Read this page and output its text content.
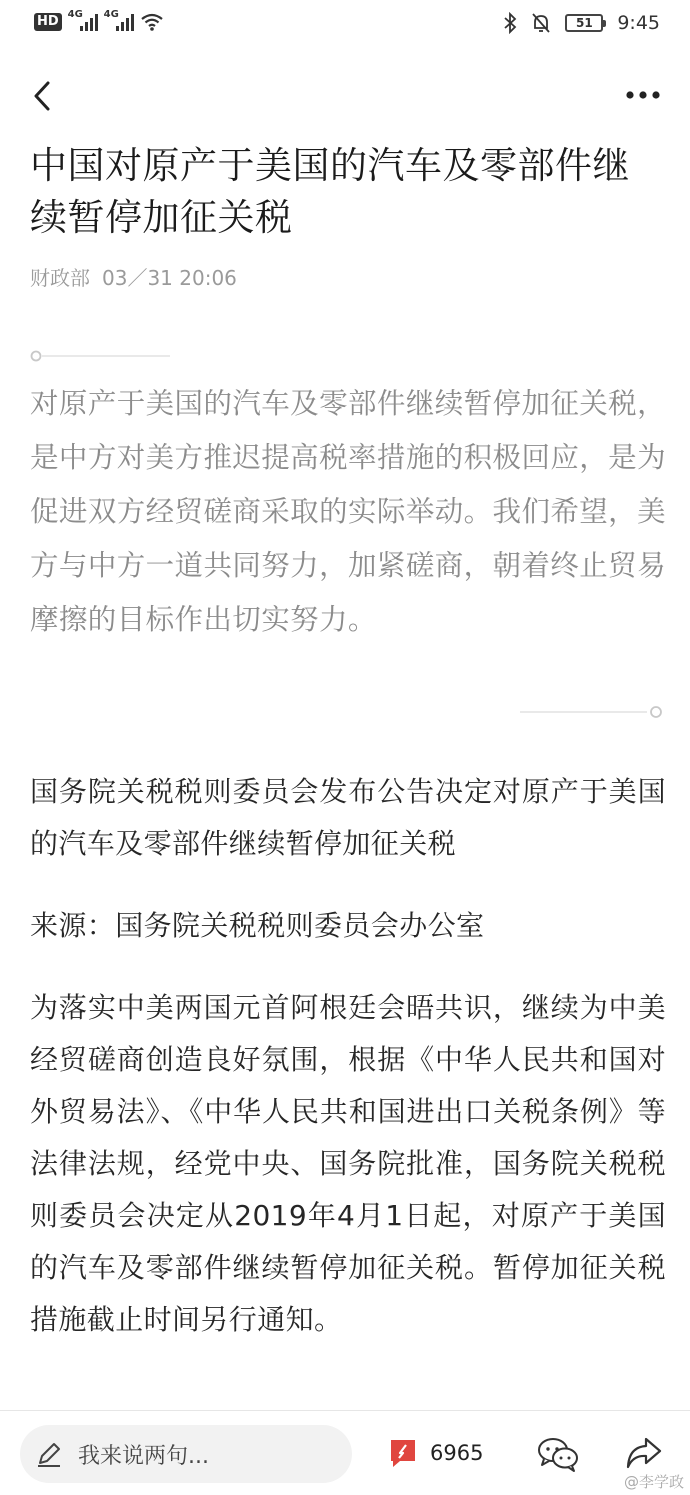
HD 4G 4G
51 9:45
中国对原产于美国的汽车及零部件继续暂停加征关税
财政部 03／31 20:06

对原产于美国的汽车及零部件继续暂停加征关税，是中方对美方推迟提高税率措施的积极回应，是为促进双方经贸磋商采取的实际举动。我们希望，美方与中方一道共同努力，加紧磋商，朝着终止贸易摩擦的目标作出切实努力。

国务院关税税则委员会发布公告决定对原产于美国的汽车及零部件继续暂停加征关税

来源：国务院关税税则委员会办公室

为落实中美两国元首阿根廷会晤共识，继续为中美经贸磋商创造良好氛围，根据《中华人民共和国对外贸易法》、《中华人民共和国进出口关税条例》等法律法规，经党中央、国务院批准，国务院关税税则委员会决定从2019年4月1日起，对原产于美国的汽车及零部件继续暂停加征关税。暂停加征关税措施截止时间另行通知。

我来说两句...	6965
@李学政
